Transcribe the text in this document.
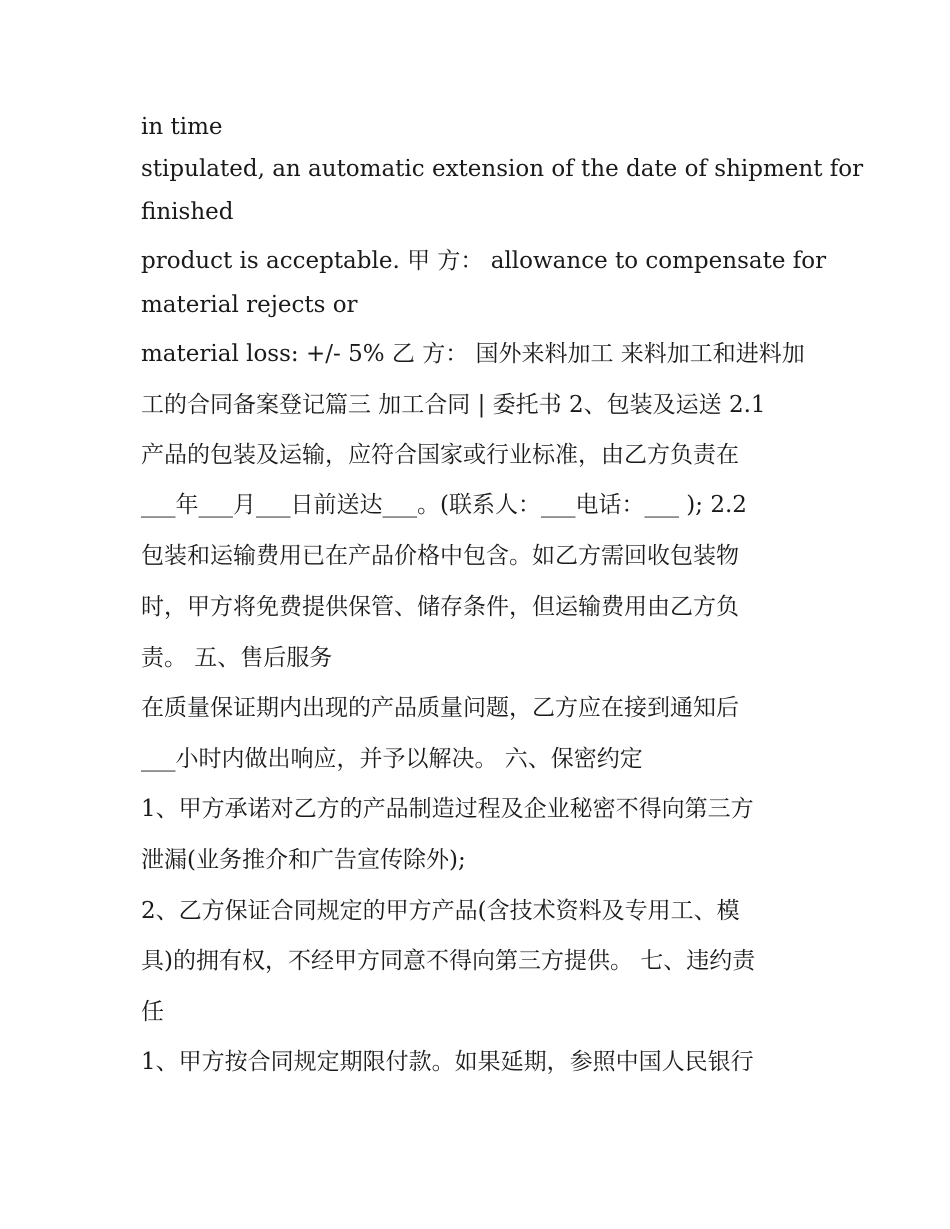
in time
stipulated, an automatic extension of the date of shipment for
finished
product is acceptable. 甲 方： allowance to compensate for
material rejects or
material loss: +/- 5% 乙 方： 国外来料加工 来料加工和进料加
工的合同备案登记篇三 加工合同 | 委托书 2、包装及运送 2.1
产品的包装及运输，应符合国家或行业标准，由乙方负责在
___年___月___日前送达___。(联系人：___电话：___ ); 2.2
包装和运输费用已在产品价格中包含。如乙方需回收包装物
时，甲方将免费提供保管、储存条件，但运输费用由乙方负
责。 五、售后服务
在质量保证期内出现的产品质量问题，乙方应在接到通知后
___小时内做出响应，并予以解决。 六、保密约定
1、甲方承诺对乙方的产品制造过程及企业秘密不得向第三方
泄漏(业务推介和广告宣传除外);
2、乙方保证合同规定的甲方产品(含技术资料及专用工、模
具)的拥有权，不经甲方同意不得向第三方提供。 七、违约责
任
1、甲方按合同规定期限付款。如果延期，参照中国人民银行
